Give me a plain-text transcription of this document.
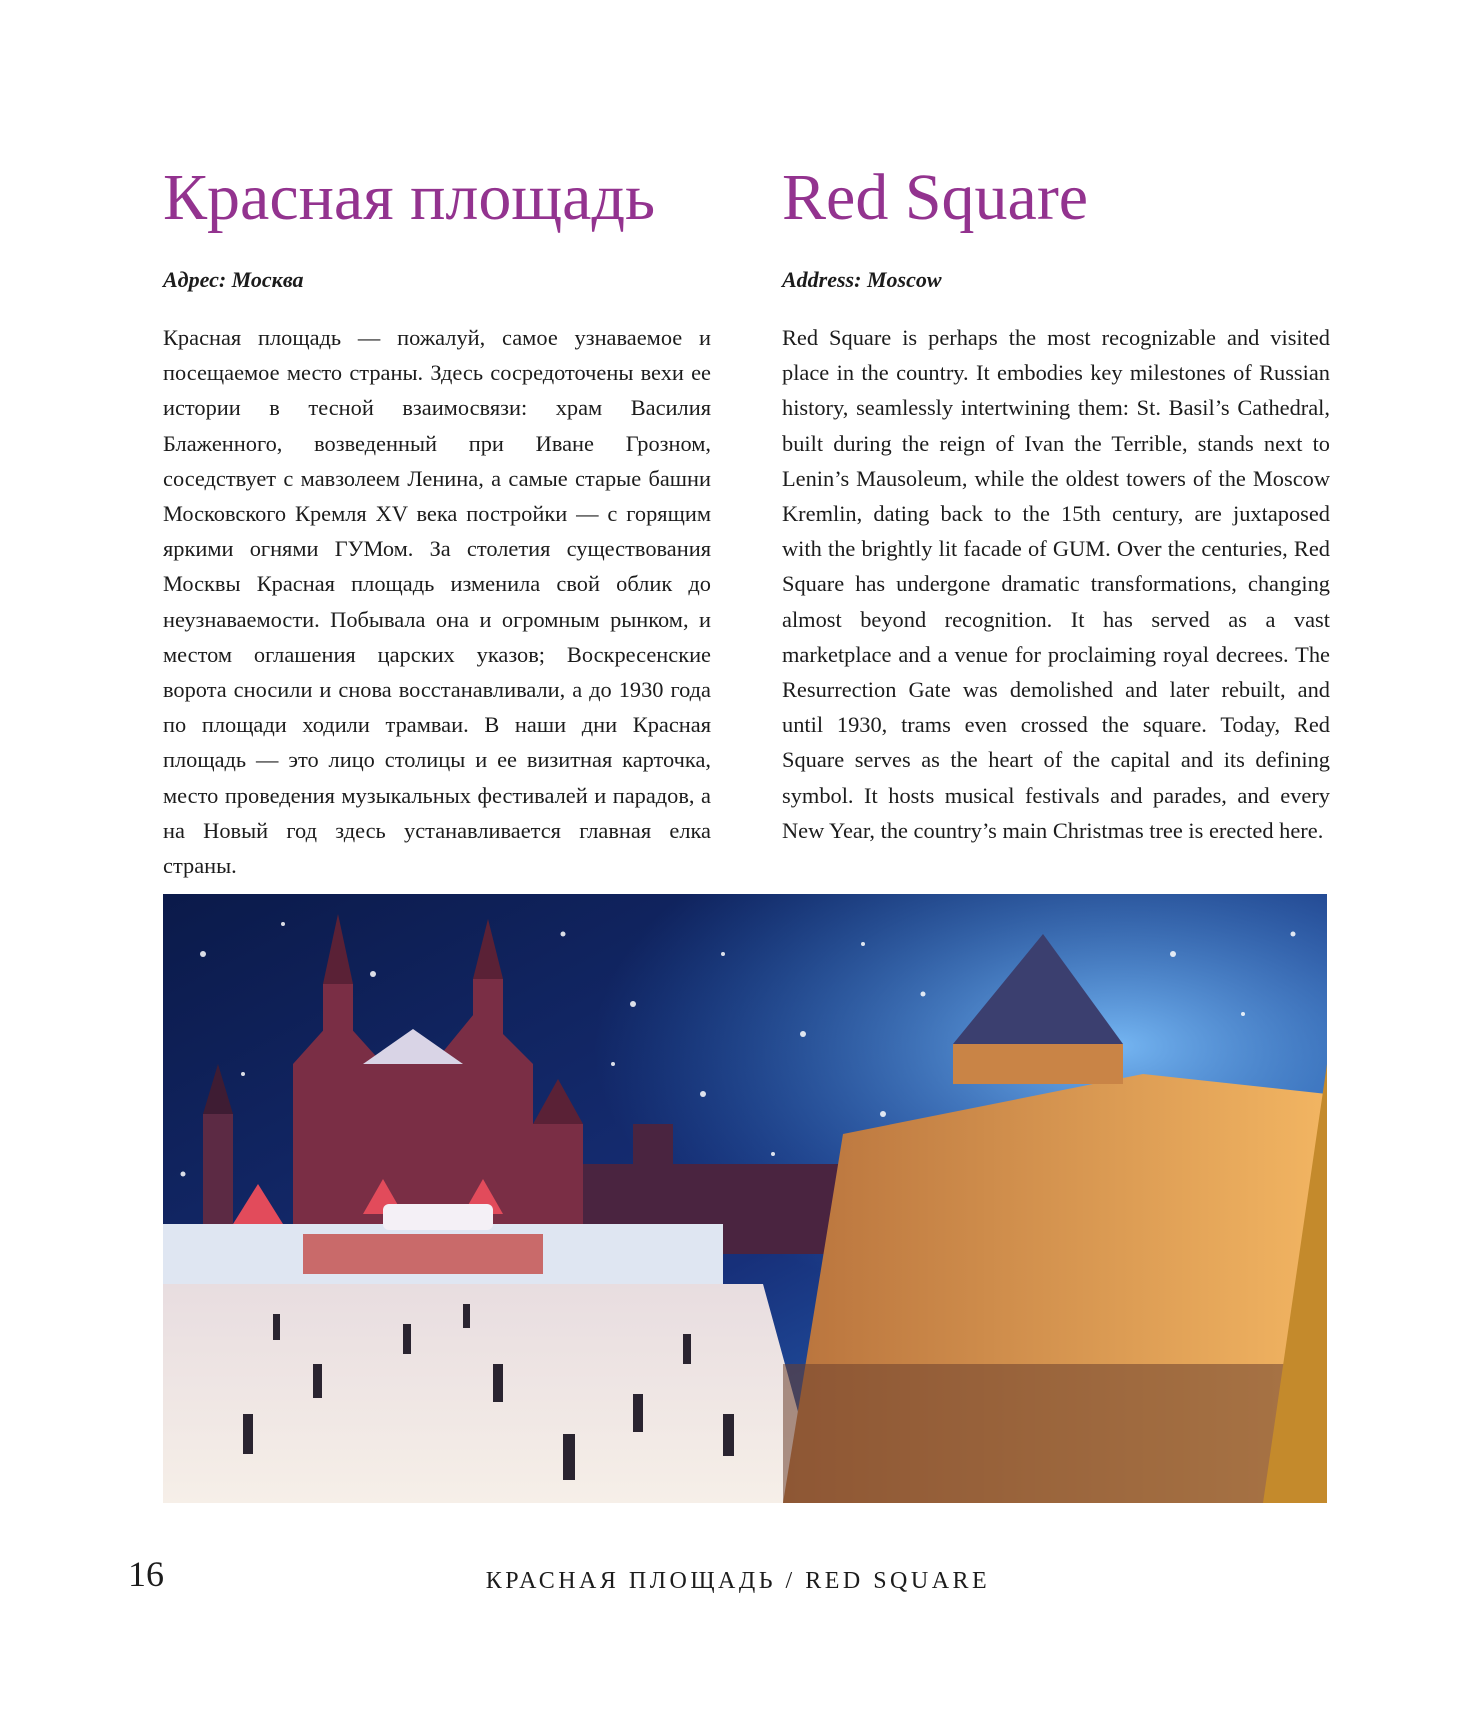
Красная площадь

Адрес: Москва

Красная площадь — пожалуй, самое узнаваемое и посещаемое место страны. Здесь сосредоточены вехи ее истории в тесной взаимосвязи: храм Василия Блаженного, возведенный при Иване Грозном, соседствует с мавзолеем Ленина, а самые старые башни Московского Кремля XV века постройки — с горящим яркими огнями ГУМом. За столетия существования Москвы Красная площадь изменила свой облик до неузнаваемости. Побывала она и огромным рынком, и местом оглашения царских указов; Воскресенские ворота сносили и снова восстанавливали, а до 1930 года по площади ходили трамваи. В наши дни Красная площадь — это лицо столицы и ее визитная карточка, место проведения музыкальных фестивалей и парадов, а на Новый год здесь устанавливается главная елка страны.

Red Square

Address: Moscow

Red Square is perhaps the most recognizable and visited place in the country. It embodies key milestones of Russian history, seamlessly intertwining them: St. Basil’s Cathedral, built during the reign of Ivan the Terrible, stands next to Lenin’s Mausoleum, while the oldest towers of the Moscow Kremlin, dating back to the 15th century, are juxtaposed with the brightly lit facade of GUM. Over the centuries, Red Square has undergone dramatic transformations, changing almost beyond recognition. It has served as a vast marketplace and a venue for proclaiming royal decrees. The Resurrection Gate was demolished and later rebuilt, and until 1930, trams even crossed the square. Today, Red Square serves as the heart of the capital and its defining symbol. It hosts musical festivals and parades, and every New Year, the country’s main Christmas tree is erected here.

16	КРАСНАЯ ПЛОЩАДЬ / RED SQUARE
